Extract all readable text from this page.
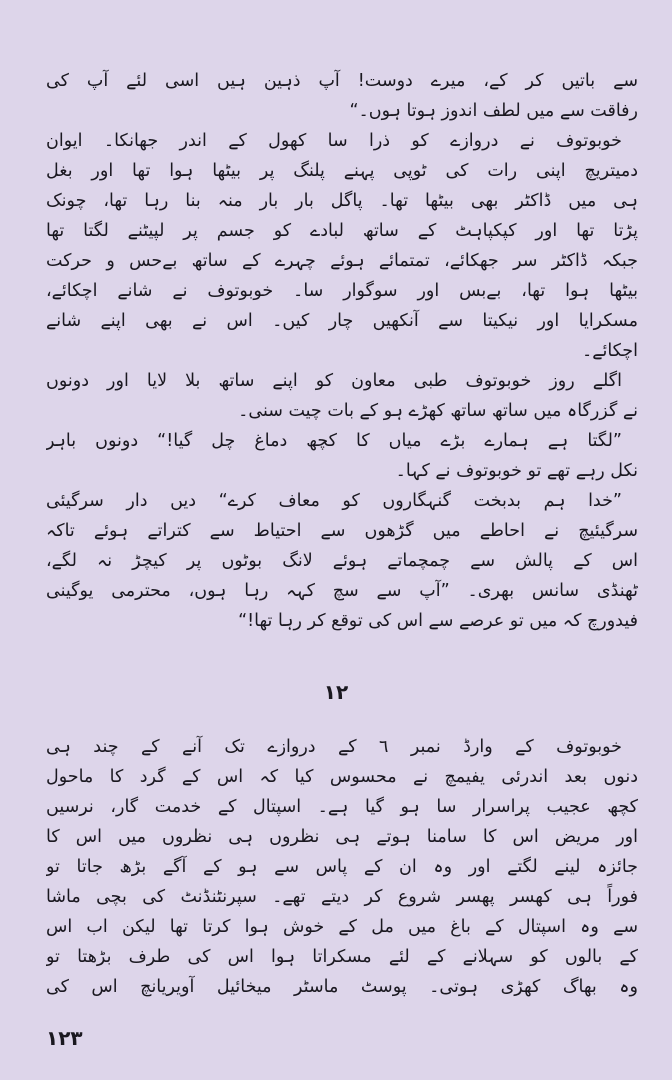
سے باتیں کر کے، میرے دوست! آپ ذہین ہیں اسی لئے آپ کی
رفاقت سے میں لطف اندوز ہوتا ہوں۔“
خوبوتوف نے دروازے کو ذرا سا کھول کے اندر جھانکا۔ ایوان
دمیتریچ اپنی رات کی ٹوپی پہنے پلنگ پر بیٹھا ہوا تھا اور بغل
ہی میں ڈاکٹر بھی بیٹھا تھا۔ پاگل بار بار منہ بنا رہا تھا، چونک
پڑتا تھا اور کپکپاہٹ کے ساتھ لبادے کو جسم پر لپیٹنے لگتا تھا
جبکہ ڈاکٹر سر جھکائے، تمتمائے ہوئے چہرے کے ساتھ بےحس و حرکت
بیٹھا ہوا تھا، بےبس اور سوگوار سا۔ خوبوتوف نے شانے اچکائے،
مسکرایا اور نیکیتا سے آنکھیں چار کیں۔ اس نے بھی اپنے شانے
اچکائے۔
اگلے روز خوبوتوف طبی معاون کو اپنے ساتھ بلا لایا اور دونوں
نے گزرگاہ میں ساتھ ساتھ کھڑے ہو کے بات چیت سنی۔
”لگتا ہے ہمارے بڑے میاں کا کچھ دماغ چل گیا!“ دونوں باہر
نکل رہے تھے تو خوبوتوف نے کہا۔
”خدا ہم بدبخت گنہگاروں کو معاف کرے“ دیں دار سرگیئی
سرگیئیچ نے احاطے میں گڑھوں سے احتیاط سے کتراتے ہوئے تاکہ
اس کے پالش سے چمچماتے ہوئے لانگ بوٹوں پر کیچڑ نہ لگے،
ٹھنڈی سانس بھری۔ ”آپ سے سچ کہہ رہا ہوں، محترمی یوگینی
فیدورچ کہ میں تو عرصے سے اس کی توقع کر رہا تھا!“
۱۲
خوبوتوف کے وارڈ نمبر ٦ کے دروازے تک آنے کے چند ہی
دنوں بعد اندرئی یفیمچ نے محسوس کیا کہ اس کے گرد کا ماحول
کچھ عجیب پراسرار سا ہو گیا ہے۔ اسپتال کے خدمت گار، نرسیں
اور مریض اس کا سامنا ہوتے ہی نظروں ہی نظروں میں اس کا
جائزہ لینے لگتے اور وہ ان کے پاس سے ہو کے آگے بڑھ جاتا تو
فوراً ہی کھسر پھسر شروع کر دیتے تھے۔ سپرنٹنڈنٹ کی بچی ماشا
سے وہ اسپتال کے باغ میں مل کے خوش ہوا کرتا تھا لیکن اب اس
کے بالوں کو سہلانے کے لئے مسکراتا ہوا اس کی طرف بڑھتا تو
وہ بھاگ کھڑی ہوتی۔ پوسٹ ماسٹر میخائیل آویریانچ اس کی
۱۲۳
